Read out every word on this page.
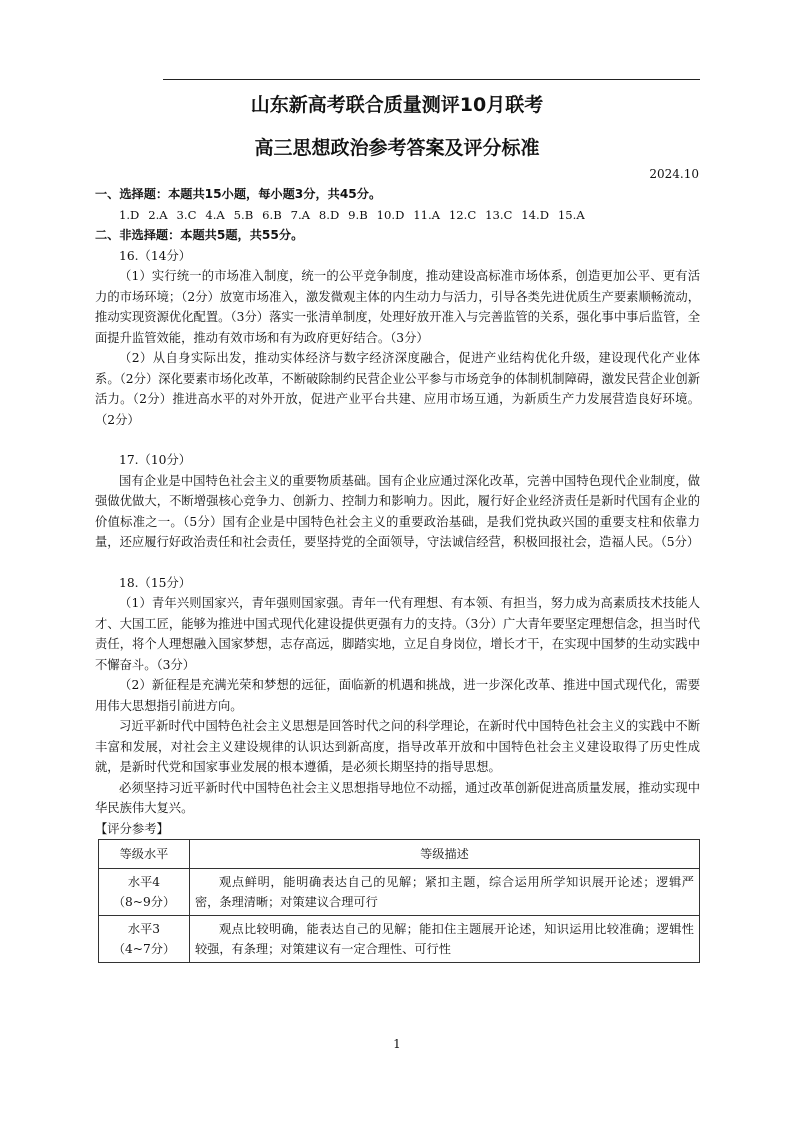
山东新高考联合质量测评10月联考
高三思想政治参考答案及评分标准
2024.10

一、选择题：本题共15小题，每小题3分，共45分。

1.D 2.A 3.C 4.A 5.B 6.B 7.A 8.D 9.B 10.D 11.A 12.C 13.C 14.D 15.A

二、非选择题：本题共5题，共55分。

16.（14分）

（1）实行统一的市场准入制度，统一的公平竞争制度，推动建设高标准市场体系，创造更加公平、更有活力的市场环境；（2分）放宽市场准入，激发微观主体的内生动力与活力，引导各类先进优质生产要素顺畅流动，推动实现资源优化配置。（3分）落实一张清单制度，处理好放开准入与完善监管的关系，强化事中事后监管，全面提升监管效能，推动有效市场和有为政府更好结合。（3分）

（2）从自身实际出发，推动实体经济与数字经济深度融合，促进产业结构优化升级，建设现代化产业体系。（2分）深化要素市场化改革，不断破除制约民营企业公平参与市场竞争的体制机制障碍，激发民营企业创新活力。（2分）推进高水平的对外开放，促进产业平台共建、应用市场互通，为新质生产力发展营造良好环境。（2分）

17.（10分）

国有企业是中国特色社会主义的重要物质基础。国有企业应通过深化改革，完善中国特色现代企业制度，做强做优做大，不断增强核心竞争力、创新力、控制力和影响力。因此，履行好企业经济责任是新时代国有企业的价值标准之一。（5分）国有企业是中国特色社会主义的重要政治基础，是我们党执政兴国的重要支柱和依靠力量，还应履行好政治责任和社会责任，要坚持党的全面领导，守法诚信经营，积极回报社会，造福人民。（5分）

18.（15分）

（1）青年兴则国家兴，青年强则国家强。青年一代有理想、有本领、有担当，努力成为高素质技术技能人才、大国工匠，能够为推进中国式现代化建设提供更强有力的支持。（3分）广大青年要坚定理想信念，担当时代责任，将个人理想融入国家梦想，志存高远，脚踏实地，立足自身岗位，增长才干，在实现中国梦的生动实践中不懈奋斗。（3分）

（2）新征程是充满光荣和梦想的远征，面临新的机遇和挑战，进一步深化改革、推进中国式现代化，需要用伟大思想指引前进方向。

习近平新时代中国特色社会主义思想是回答时代之问的科学理论，在新时代中国特色社会主义的实践中不断丰富和发展，对社会主义建设规律的认识达到新高度，指导改革开放和中国特色社会主义建设取得了历史性成就，是新时代党和国家事业发展的根本遵循，是必须长期坚持的指导思想。

必须坚持习近平新时代中国特色社会主义思想指导地位不动摇，通过改革创新促进高质量发展，推动实现中华民族伟大复兴。

【评分参考】

等级水平	等级描述

水平4
（8~9分）	观点鲜明，能明确表达自己的见解；紧扣主题，综合运用所学知识展开论述；逻辑严密，条理清晰；对策建议合理可行

水平3
（4~7分）	观点比较明确，能表达自己的见解；能扣住主题展开论述，知识运用比较准确；逻辑性较强，有条理；对策建议有一定合理性、可行性
1
